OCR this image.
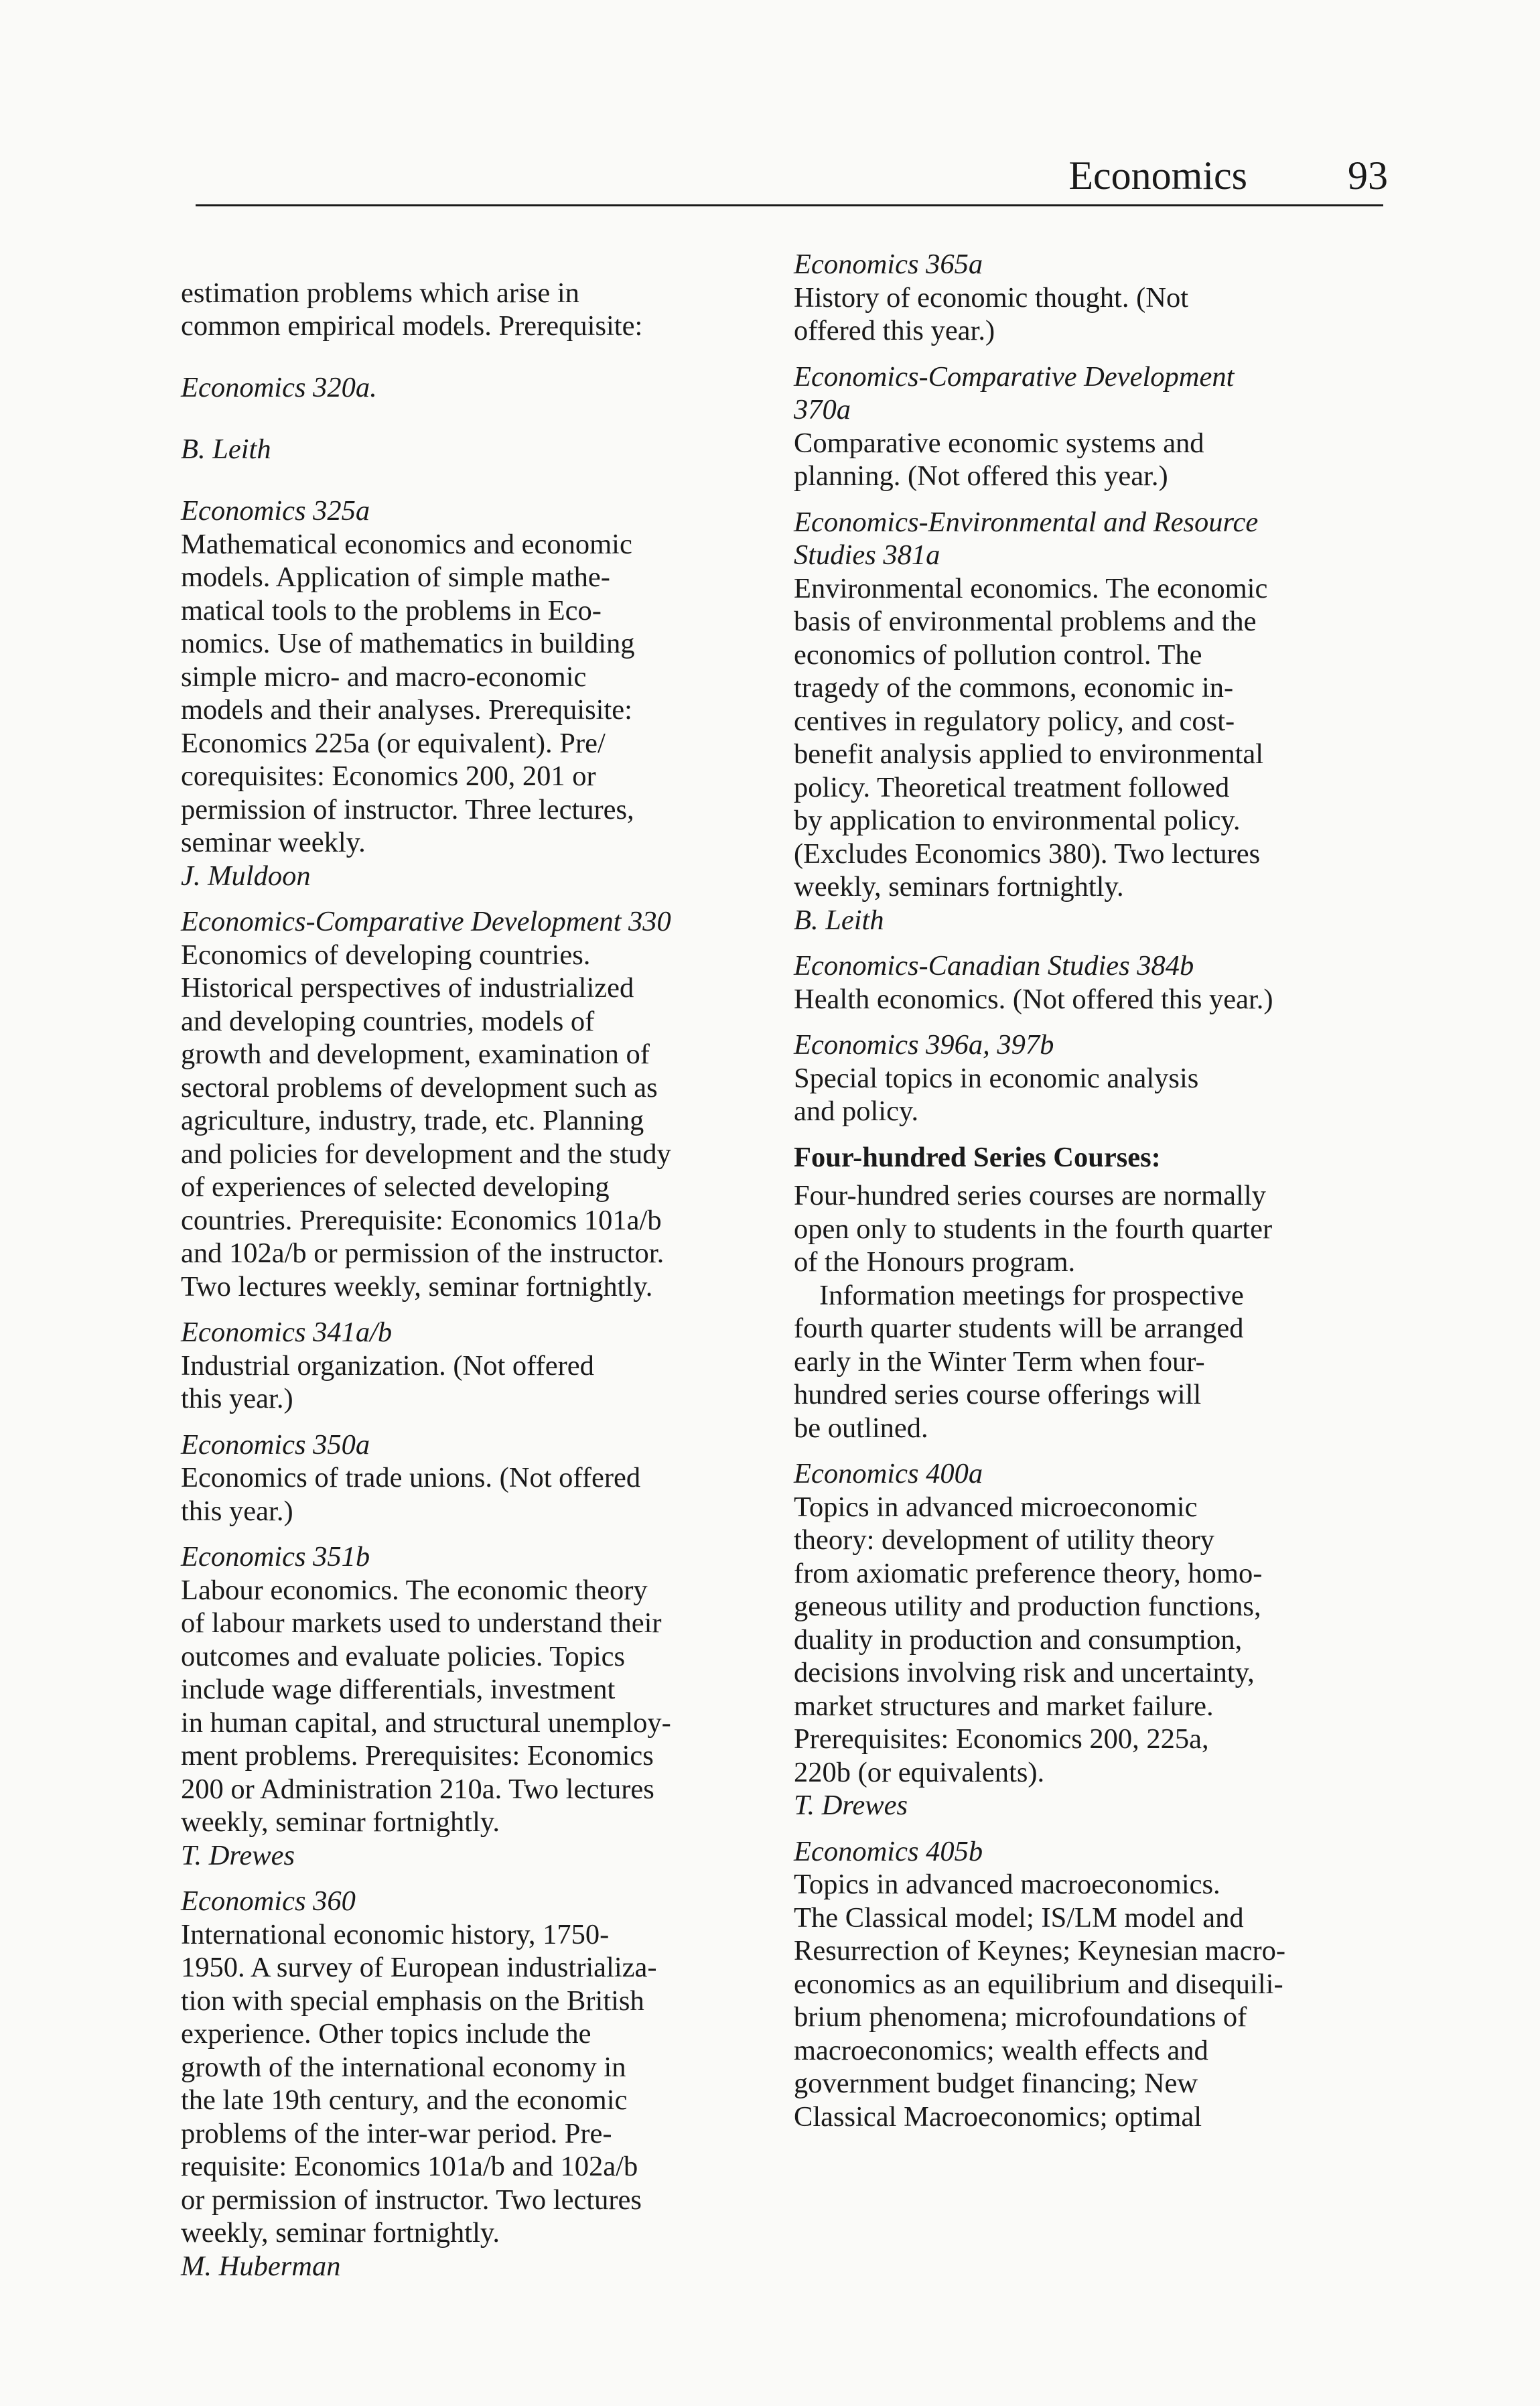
Economics	93

estimation problems which arise in
common empirical models. Prerequisite:

Economics 320a.

B. Leith

Economics 325a

Mathematical economics and economic
models. Application of simple mathe-
matical tools to the problems in Eco-
nomics. Use of mathematics in building
simple micro- and macro-economic
models and their analyses. Prerequisite:
Economics 225a (or equivalent). Pre/
corequisites: Economics 200, 201 or
permission of instructor. Three lectures,
seminar weekly.

J. Muldoon

Economics-Comparative Development 330

Economics of developing countries.
Historical perspectives of industrialized
and developing countries, models of
growth and development, examination of
sectoral problems of development such as
agriculture, industry, trade, etc. Planning
and policies for development and the study
of experiences of selected developing
countries. Prerequisite: Economics 101a/b
and 102a/b or permission of the instructor.
Two lectures weekly, seminar fortnightly.

Economics 341a/b

Industrial organization. (Not offered
this year.)

Economics 350a

Economics of trade unions. (Not offered
this year.)

Economics 351b

Labour economics. The economic theory
of labour markets used to understand their
outcomes and evaluate policies. Topics
include wage differentials, investment
in human capital, and structural unemploy-
ment problems. Prerequisites: Economics
200 or Administration 210a. Two lectures
weekly, seminar fortnightly.

T. Drewes

Economics 360

International economic history, 1750-
1950. A survey of European industrializa-
tion with special emphasis on the British
experience. Other topics include the
growth of the international economy in
the late 19th century, and the economic
problems of the inter-war period. Pre-
requisite: Economics 101a/b and 102a/b
or permission of instructor. Two lectures
weekly, seminar fortnightly.

M. Huberman

Economics 365a

History of economic thought. (Not
offered this year.)

Economics-Comparative Development
370a

Comparative economic systems and
planning. (Not offered this year.)

Economics-Environmental and Resource
Studies 381a

Environmental economics. The economic
basis of environmental problems and the
economics of pollution control. The
tragedy of the commons, economic in-
centives in regulatory policy, and cost-
benefit analysis applied to environmental
policy. Theoretical treatment followed
by application to environmental policy.
(Excludes Economics 380). Two lectures
weekly, seminars fortnightly.

B. Leith

Economics-Canadian Studies 384b

Health economics. (Not offered this year.)

Economics 396a, 397b

Special topics in economic analysis
and policy.

Four-hundred Series Courses:

Four-hundred series courses are normally
open only to students in the fourth quarter
of the Honours program.

Information meetings for prospective
fourth quarter students will be arranged
early in the Winter Term when four-
hundred series course offerings will
be outlined.

Economics 400a

Topics in advanced microeconomic
theory: development of utility theory
from axiomatic preference theory, homo-
geneous utility and production functions,
duality in production and consumption,
decisions involving risk and uncertainty,
market structures and market failure.
Prerequisites: Economics 200, 225a,
220b (or equivalents).

T. Drewes

Economics 405b

Topics in advanced macroeconomics.
The Classical model; IS/LM model and
Resurrection of Keynes; Keynesian macro-
economics as an equilibrium and disequili-
brium phenomena; microfoundations of
macroeconomics; wealth effects and
government budget financing; New
Classical Macroeconomics; optimal
